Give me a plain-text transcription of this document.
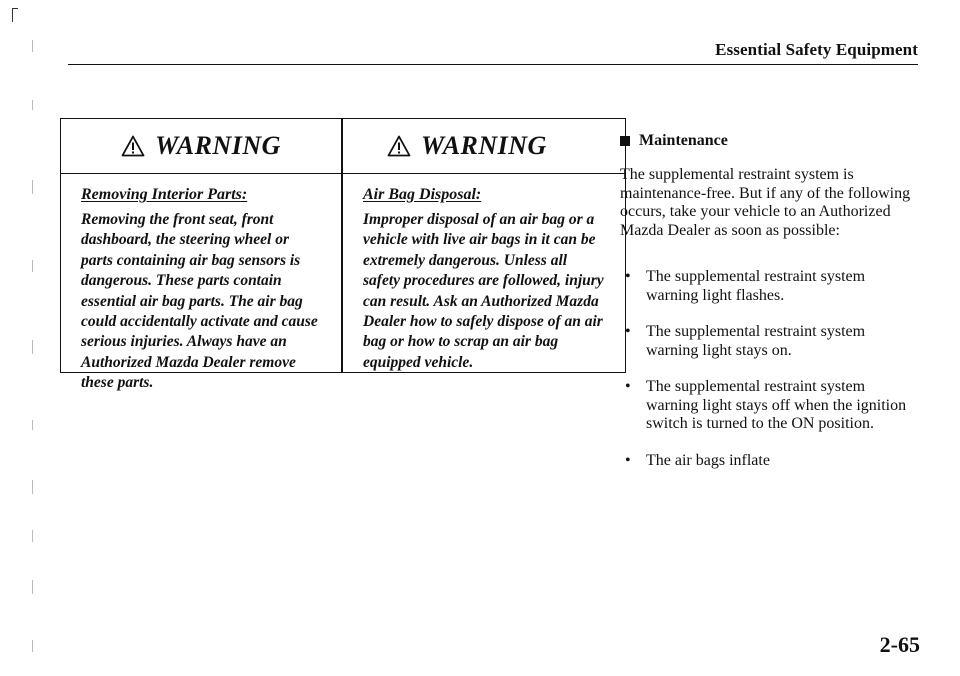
Essential Safety Equipment
WARNING
Removing Interior Parts:

Removing the front seat, front dashboard, the steering wheel or parts containing air bag sensors is dangerous. These parts contain essential air bag parts. The air bag could accidentally activate and cause serious injuries. Always have an Authorized Mazda Dealer remove these parts.

WARNING
Air Bag Disposal:

Improper disposal of an air bag or a vehicle with live air bags in it can be extremely dangerous. Unless all safety procedures are followed, injury can result. Ask an Authorized Mazda Dealer how to safely dispose of an air bag or how to scrap an air bag equipped vehicle.

Maintenance

The supplemental restraint system is maintenance-free. But if any of the following occurs, take your vehicle to an Authorized Mazda Dealer as soon as possible:

• The supplemental restraint system warning light flashes.
• The supplemental restraint system warning light stays on.
• The supplemental restraint system warning light stays off when the ignition switch is turned to the ON position.
• The air bags inflate
2-65
